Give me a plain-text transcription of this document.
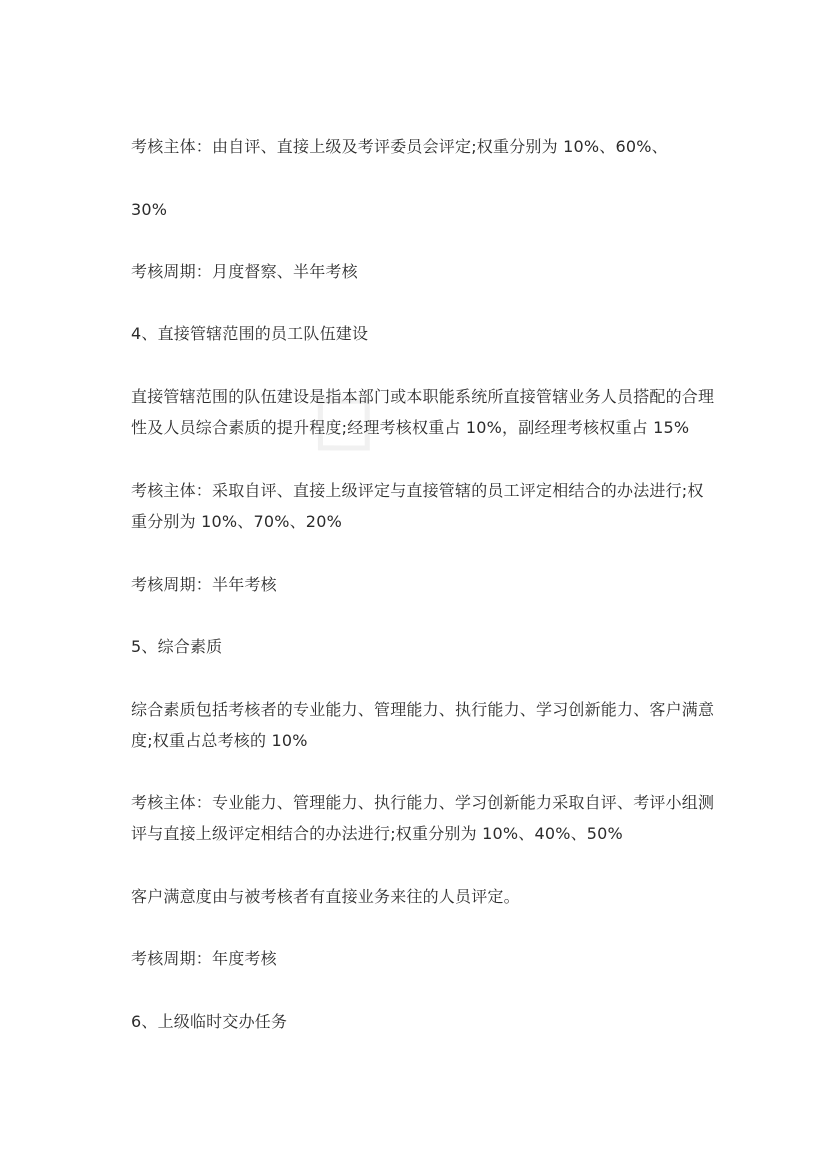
◇
考核主体：由自评、直接上级及考评委员会评定;权重分别为 10%、60%、
30%
考核周期：月度督察、半年考核
4、直接管辖范围的员工队伍建设
直接管辖范围的队伍建设是指本部门或本职能系统所直接管辖业务人员搭配的合理性及人员综合素质的提升程度;经理考核权重占 10%，副经理考核权重占 15%
考核主体：采取自评、直接上级评定与直接管辖的员工评定相结合的办法进行;权重分别为 10%、70%、20%
考核周期：半年考核
5、综合素质
综合素质包括考核者的专业能力、管理能力、执行能力、学习创新能力、客户满意度;权重占总考核的 10%
考核主体：专业能力、管理能力、执行能力、学习创新能力采取自评、考评小组测评与直接上级评定相结合的办法进行;权重分别为 10%、40%、50%
客户满意度由与被考核者有直接业务来往的人员评定。
考核周期：年度考核
6、上级临时交办任务
